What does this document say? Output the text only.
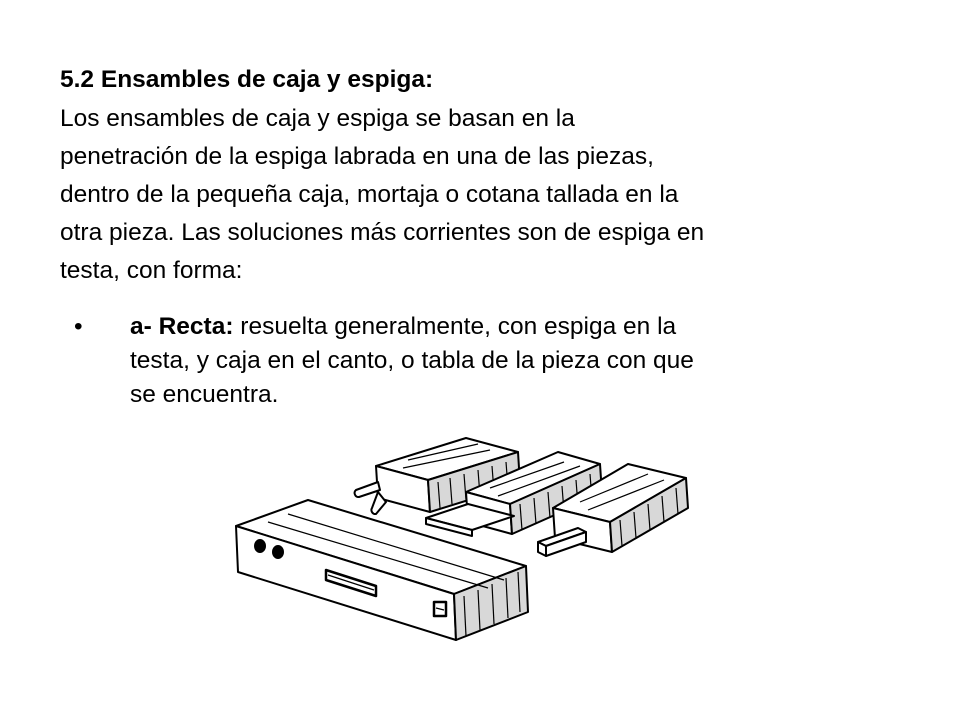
5.2 Ensambles de caja y espiga:

Los ensambles de caja y espiga se basan en la
penetración de la espiga labrada en una de las piezas,
dentro de la pequeña caja, mortaja o cotana tallada en la
otra pieza. Las soluciones más corrientes son de espiga en
testa, con forma:

• a- Recta: resuelta generalmente, con espiga en la
testa, y caja en el canto, o tabla de la pieza con que
se encuentra.
